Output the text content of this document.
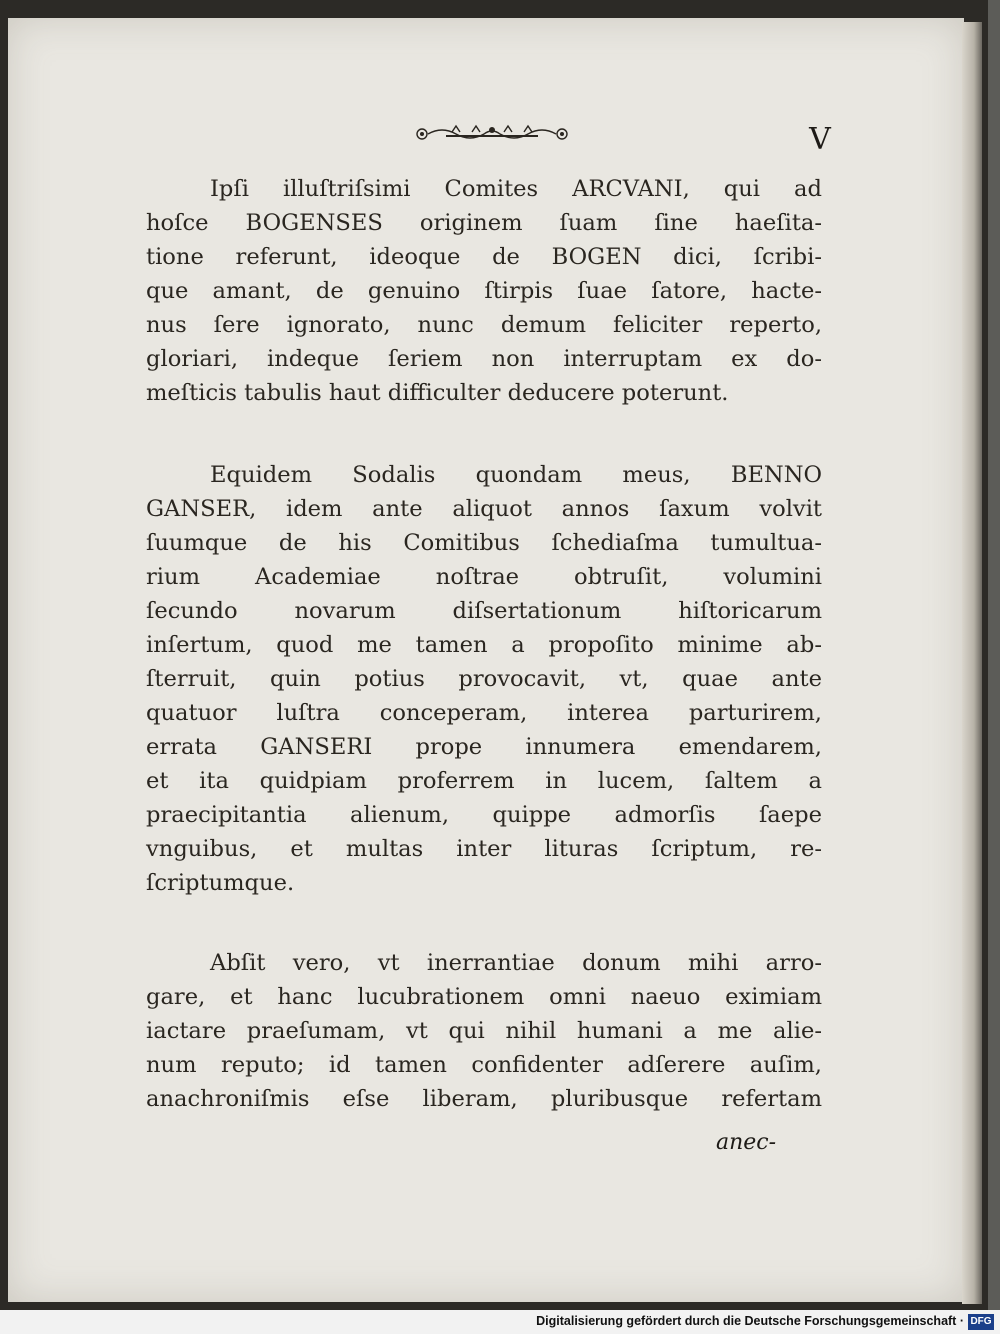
V
Ipſi illuſtriſsimi Comites ARCVANI, qui ad
hoſce BOGENSES originem ſuam ſine haeſita-
tione referunt, ideoque de BOGEN dici, ſcribi-
que amant, de genuino ſtirpis ſuae ſatore, hacte-
nus ſere ignorato, nunc demum feliciter reperto,
gloriari, indeque ſeriem non interruptam ex do-
meſticis tabulis haut difficulter deducere poterunt.
Equidem Sodalis quondam meus, BENNO
GANSER, idem ante aliquot annos ſaxum volvit
ſuumque de his Comitibus ſchediaſma tumultua-
rium Academiae noſtrae obtruſit, volumini
ſecundo novarum diſsertationum hiſtoricarum
inſertum, quod me tamen a propoſito minime ab-
ſterruit, quin potius provocavit, vt, quae ante
quatuor luſtra conceperam, interea parturirem,
errata GANSERI prope innumera emendarem,
et ita quidpiam proferrem in lucem, ſaltem a
praecipitantia alienum, quippe admorſis ſaepe
vnguibus, et multas inter lituras ſcriptum, re-
ſcriptumque.
Abſit vero, vt inerrantiae donum mihi arro-
gare, et hanc lucubrationem omni naeuo eximiam
iactare praeſumam, vt qui nihil humani a me alie-
num reputo; id tamen confidenter adſerere auſim,
anachroniſmis eſse liberam, pluribusque refertam
anec-
Digitalisierung gefördert durch die Deutsche Forschungsgemeinschaft · DFG
